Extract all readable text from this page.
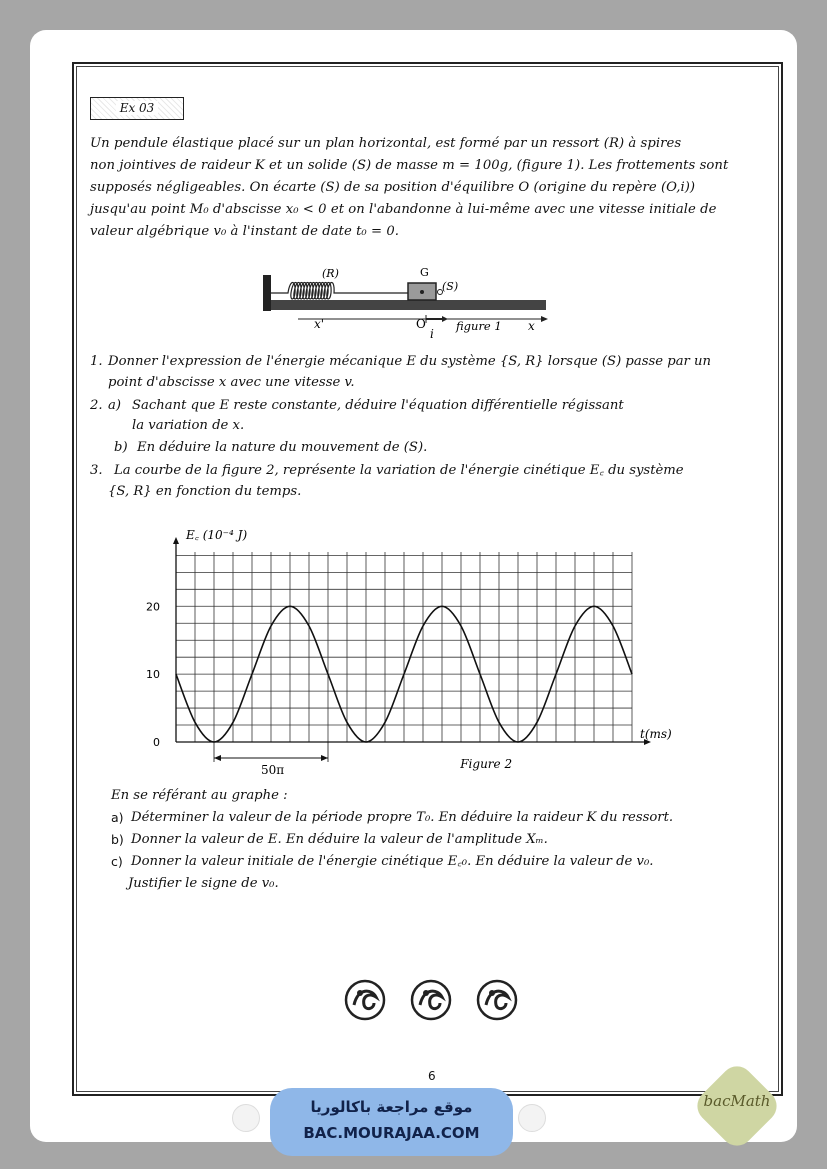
Ex 03
Un pendule élastique placé sur un plan horizontal, est formé par un ressort (R) à spires
non jointives de raideur K et un solide (S) de masse m = 100g, (figure 1). Les frottements sont
supposés négligeables. On écarte (S) de sa position d'équilibre O (origine du repère (O,i))
jusqu'au point M₀ d'abscisse x₀ < 0 et on l'abandonne à lui-même avec une vitesse initiale de
valeur algébrique v₀ à l'instant de date t₀ = 0.
(R)	G
(S)
x'	O
i
figure 1 x
1. Donner l'expression de l'énergie mécanique E du système {S, R} lorsque (S) passe par un
point d'abscisse x avec une vitesse v.
2. a) Sachant que E reste constante, déduire l'équation différentielle régissant
la variation de x.
b) En déduire la nature du mouvement de (S).
3. La courbe de la figure 2, représente la variation de l'énergie cinétique E꜀ du système
{S, R} en fonction du temps.
0
10
20
E꜀ (10⁻⁴ J)
t(ms)
50π	Figure 2
En se référant au graphe :
a) Déterminer la valeur de la période propre T₀. En déduire la raideur K du ressort.
b) Donner la valeur de E. En déduire la valeur de l'amplitude Xₘ.
c) Donner la valeur initiale de l'énergie cinétique E꜀₀. En déduire la valeur de v₀.
Justifier le signe de v₀.
6
موقع مراجعة باكالوريا
BAC.MOURAJAA.COM
bacMath
